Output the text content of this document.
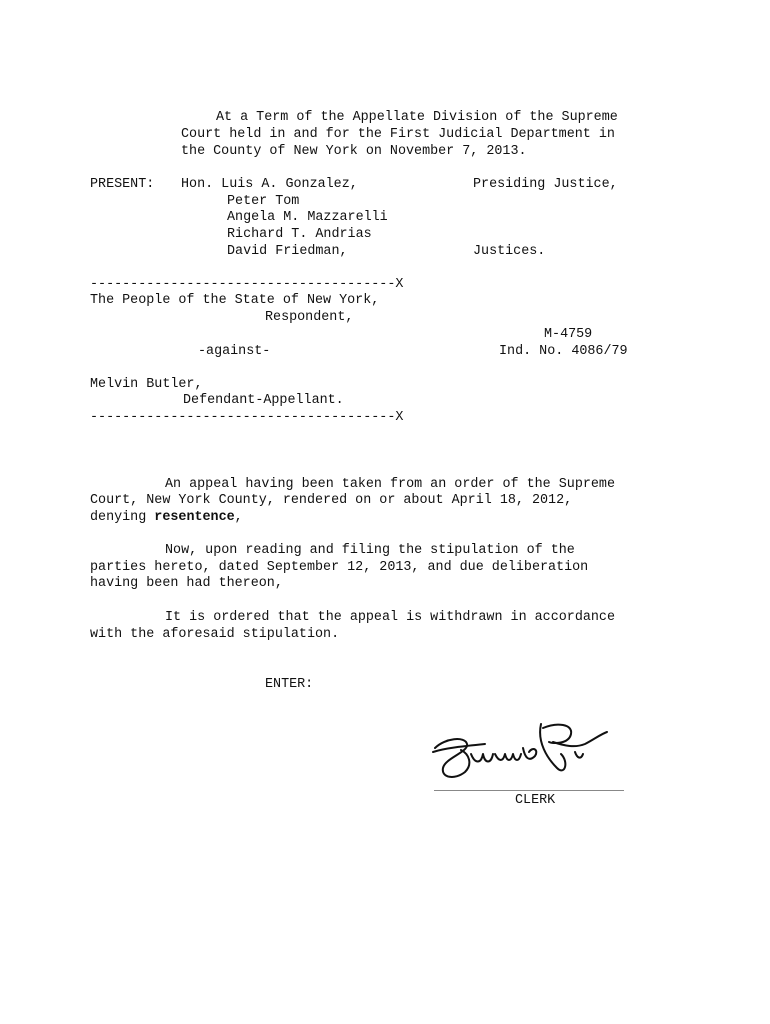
At a Term of the Appellate Division of the Supreme

Court held in and for the First Judicial Department in

the County of New York on November 7, 2013.

PRESENT: Hon. Luis A. Gonzalez,	Presiding Justice,

Peter Tom

Angela M. Mazzarelli

Richard T. Andrias

David Friedman,	Justices.

--------------------------------------X

The People of the State of New York,

Respondent,

M-4759

-against-	Ind. No. 4086/79

Melvin Butler,

Defendant-Appellant.

--------------------------------------X

An appeal having been taken from an order of the Supreme

Court, New York County, rendered on or about April 18, 2012,

denying resentence,

Now, upon reading and filing the stipulation of the

parties hereto, dated September 12, 2013, and due deliberation

having been had thereon,

It is ordered that the appeal is withdrawn in accordance

with the aforesaid stipulation.

ENTER:

CLERK
